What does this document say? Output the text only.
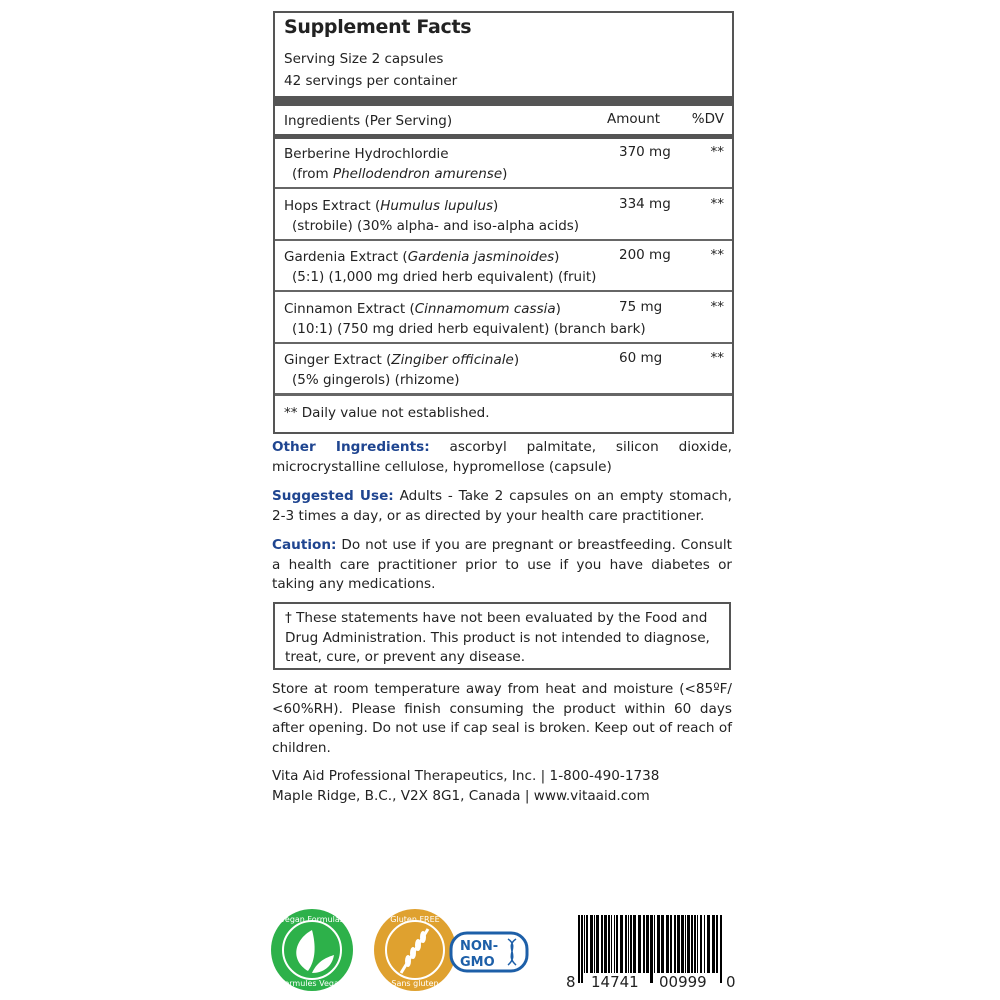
Supplement Facts
Serving Size 2 capsules
42 servings per container
Ingredients (Per Serving)	Amount %DV
Berberine Hydrochlordie
(from Phellodendron amurense)
370 mg	**
Hops Extract (Humulus lupulus)
(strobile) (30% alpha- and iso-alpha acids)
334 mg	**
Gardenia Extract (Gardenia jasminoides)
(5:1) (1,000 mg dried herb equivalent) (fruit)
200 mg	**
Cinnamon Extract (Cinnamomum cassia)
(10:1) (750 mg dried herb equivalent) (branch bark)
75 mg	**
Ginger Extract (Zingiber officinale)
(5% gingerols) (rhizome)
60 mg	**
** Daily value not established.
Other Ingredients: ascorbyl palmitate, silicon dioxide, microcrystalline cellulose, hypromellose (capsule)
Suggested Use: Adults - Take 2 capsules on an empty stomach, 2-3 times a day, or as directed by your health care practitioner.
Caution: Do not use if you are pregnant or breastfeeding. Consult a health care practitioner prior to use if you have diabetes or taking any medications.
† These statements have not been evaluated by the Food and Drug Administration. This product is not intended to diagnose, treat, cure, or prevent any disease.
Store at room temperature away from heat and moisture (<85ºF/ <60%RH). Please finish consuming the product within 60 days after opening. Do not use if cap seal is broken. Keep out of reach of children.
Vita Aid Professional Therapeutics, Inc. | 1-800-490-1738
Maple Ridge, B.C., V2X 8G1, Canada | www.vitaaid.com
Vegan Formulas
Formules Vegan
Gluten FREE
Sans gluten
NON-
GMO
8 14741 00999 0
